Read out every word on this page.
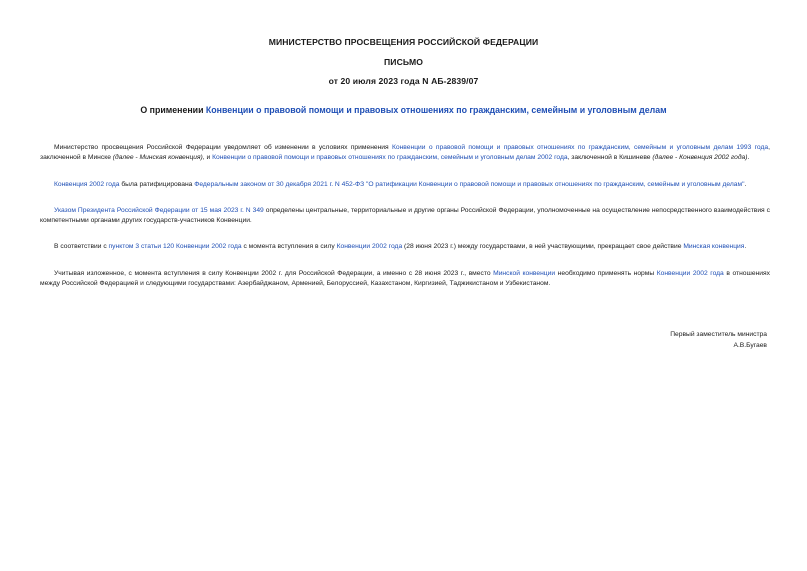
МИНИСТЕРСТВО ПРОСВЕЩЕНИЯ РОССИЙСКОЙ ФЕДЕРАЦИИ
ПИСЬМО
от 20 июля 2023 года N АБ-2839/07
О применении Конвенции о правовой помощи и правовых отношениях по гражданским, семейным и уголовным делам

Министерство просвещения Российской Федерации уведомляет об изменении в условиях применения Конвенции о правовой помощи и правовых отношениях по гражданским, семейным и уголовным делам 1993 года, заключенной в Минске (далее - Минская конвенция), и Конвенции о правовой помощи и правовых отношениях по гражданским, семейным и уголовным делам 2002 года, заключенной в Кишиневе (далее - Конвенция 2002 года).

Конвенция 2002 года была ратифицирована Федеральным законом от 30 декабря 2021 г. N 452-ФЗ "О ратификации Конвенции о правовой помощи и правовых отношениях по гражданским, семейным и уголовным делам".

Указом Президента Российской Федерации от 15 мая 2023 г. N 349 определены центральные, территориальные и другие органы Российской Федерации, уполномоченные на осуществление непосредственного взаимодействия с компетентными органами других государств-участников Конвенции.

В соответствии с пунктом 3 статьи 120 Конвенции 2002 года с момента вступления в силу Конвенции 2002 года (28 июня 2023 г.) между государствами, в ней участвующими, прекращает свое действие Минская конвенция.

Учитывая изложенное, с момента вступления в силу Конвенции 2002 г. для Российской Федерации, а именно с 28 июня 2023 г., вместо Минской конвенции необходимо применять нормы Конвенции 2002 года в отношениях между Российской Федерацией и следующими государствами: Азербайджаном, Арменией, Белоруссией, Казахстаном, Киргизией, Таджикистаном и Узбекистаном.

Первый заместитель министра
А.В.Бугаев
